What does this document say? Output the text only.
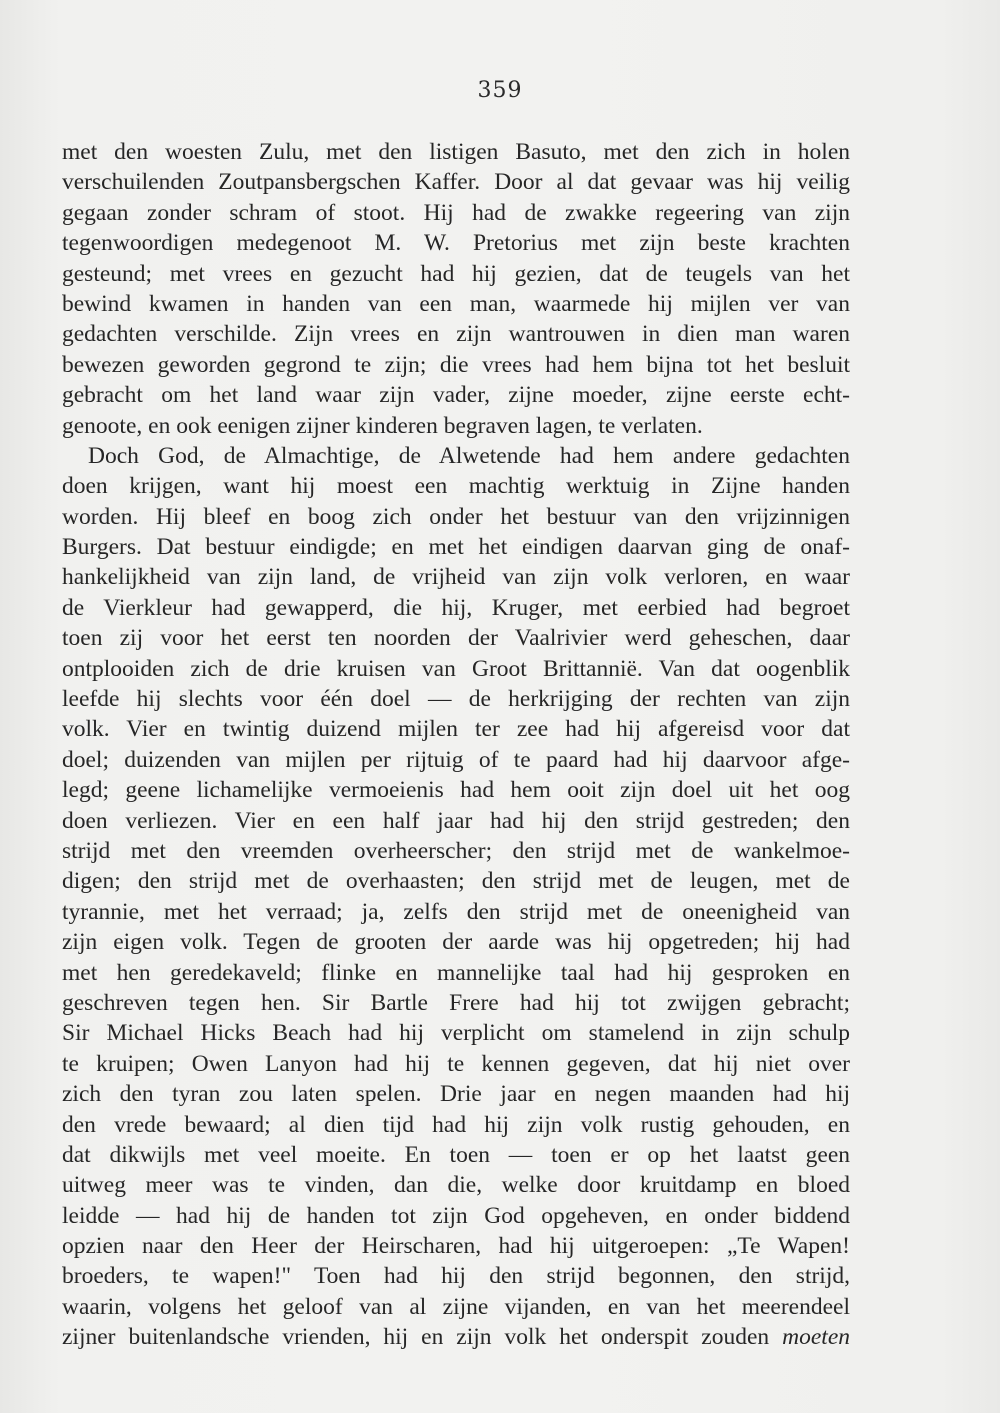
359
met den woesten Zulu, met den listigen Basuto, met den zich in holen
verschuilenden Zoutpansbergschen Kaffer. Door al dat gevaar was hij veilig
gegaan zonder schram of stoot. Hij had de zwakke regeering van zijn
tegenwoordigen medegenoot M. W. Pretorius met zijn beste krachten
gesteund; met vrees en gezucht had hij gezien, dat de teugels van het
bewind kwamen in handen van een man, waarmede hij mijlen ver van
gedachten verschilde. Zijn vrees en zijn wantrouwen in dien man waren
bewezen geworden gegrond te zijn; die vrees had hem bijna tot het besluit
gebracht om het land waar zijn vader, zijne moeder, zijne eerste echt-
genoote, en ook eenigen zijner kinderen begraven lagen, te verlaten.
Doch God, de Almachtige, de Alwetende had hem andere gedachten
doen krijgen, want hij moest een machtig werktuig in Zijne handen
worden. Hij bleef en boog zich onder het bestuur van den vrijzinnigen
Burgers. Dat bestuur eindigde; en met het eindigen daarvan ging de onaf-
hankelijkheid van zijn land, de vrijheid van zijn volk verloren, en waar
de Vierkleur had gewapperd, die hij, Kruger, met eerbied had begroet
toen zij voor het eerst ten noorden der Vaalrivier werd geheschen, daar
ontplooiden zich de drie kruisen van Groot Brittannië. Van dat oogenblik
leefde hij slechts voor één doel — de herkrijging der rechten van zijn
volk. Vier en twintig duizend mijlen ter zee had hij afgereisd voor dat
doel; duizenden van mijlen per rijtuig of te paard had hij daarvoor afge-
legd; geene lichamelijke vermoeienis had hem ooit zijn doel uit het oog
doen verliezen. Vier en een half jaar had hij den strijd gestreden; den
strijd met den vreemden overheerscher; den strijd met de wankelmoe-
digen; den strijd met de overhaasten; den strijd met de leugen, met de
tyrannie, met het verraad; ja, zelfs den strijd met de oneenigheid van
zijn eigen volk. Tegen de grooten der aarde was hij opgetreden; hij had
met hen geredekaveld; flinke en mannelijke taal had hij gesproken en
geschreven tegen hen. Sir Bartle Frere had hij tot zwijgen gebracht;
Sir Michael Hicks Beach had hij verplicht om stamelend in zijn schulp
te kruipen; Owen Lanyon had hij te kennen gegeven, dat hij niet over
zich den tyran zou laten spelen. Drie jaar en negen maanden had hij
den vrede bewaard; al dien tijd had hij zijn volk rustig gehouden, en
dat dikwijls met veel moeite. En toen — toen er op het laatst geen
uitweg meer was te vinden, dan die, welke door kruitdamp en bloed
leidde — had hij de handen tot zijn God opgeheven, en onder biddend
opzien naar den Heer der Heirscharen, had hij uitgeroepen: „Te Wapen!
broeders, te wapen!" Toen had hij den strijd begonnen, den strijd,
waarin, volgens het geloof van al zijne vijanden, en van het meerendeel
zijner buitenlandsche vrienden, hij en zijn volk het onderspit zouden moeten
